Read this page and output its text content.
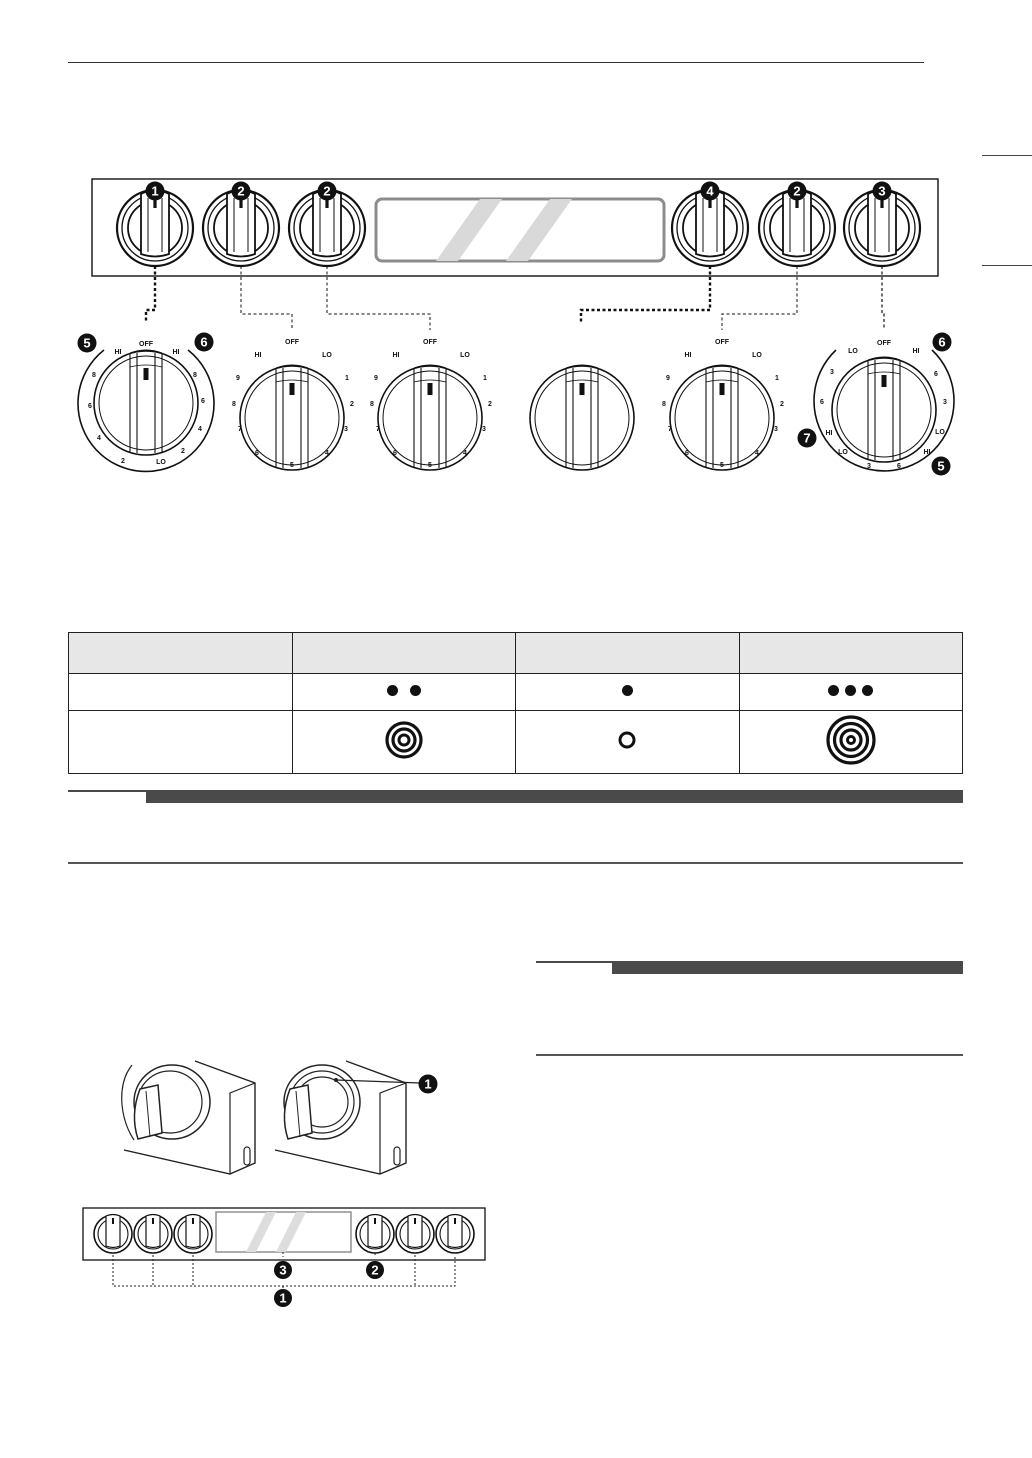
1	2	2	4	2	3
OFF
HI	HI
8	8
6
6
4
4
2
2
LO
5	6	OFF
HI	LO
9	1
8	2
7	3
6	4
5
OFF
HI	LO
9	1
8	2
7	3
6	4
5
OFF
HI	LO
9	1
8	2
7	3
6	4
5
OFF
LO	HI
3	6
6	3
HI	LO
LO	HI
3	6
6
7
5

1
3	2
1
